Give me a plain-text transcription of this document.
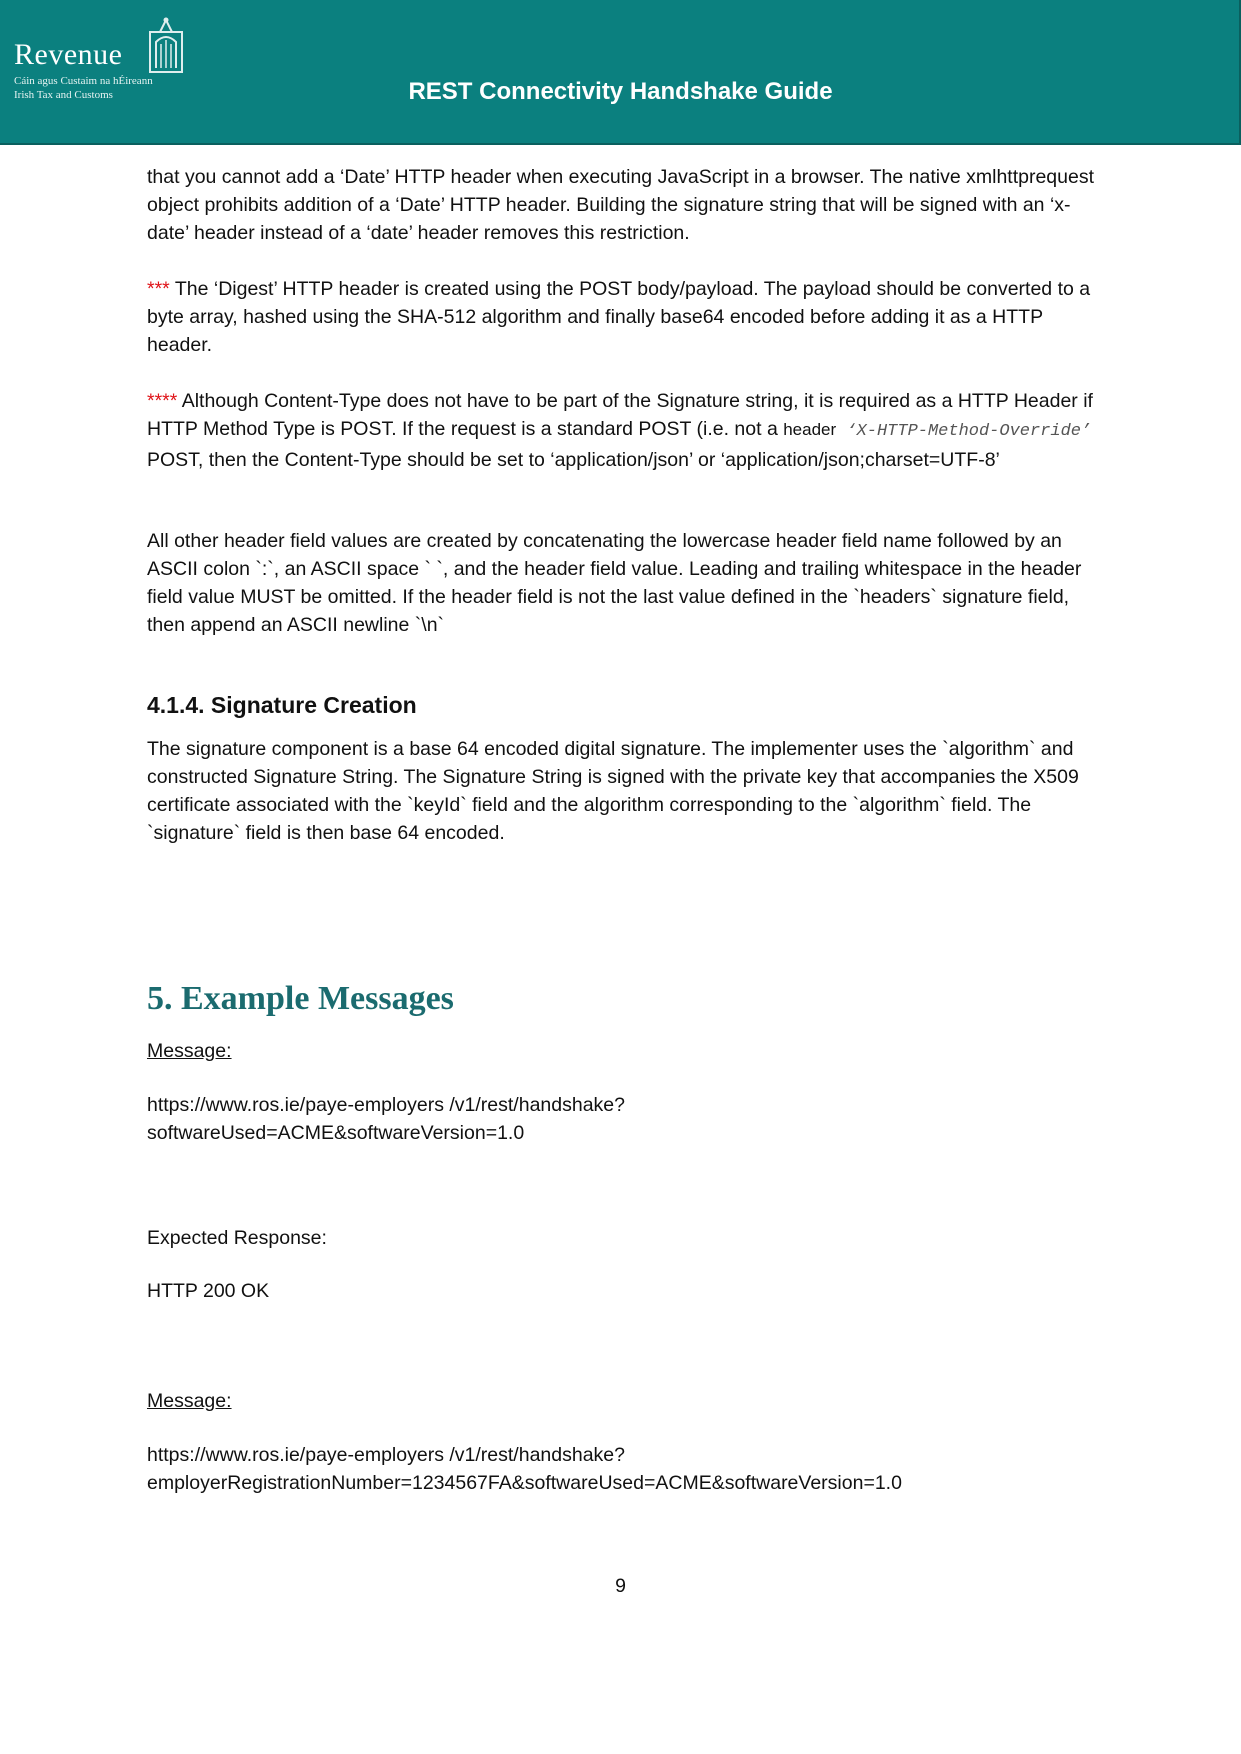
Revenue
Cáin agus Custaim na hÉireann
Irish Tax and Customs	REST Connectivity Handshake Guide

that you cannot add a ‘Date’ HTTP header when executing JavaScript in a browser. The native xmlhttprequest object prohibits addition of a ‘Date’ HTTP header. Building the signature string that will be signed with an ‘x-date’ header instead of a ‘date’ header removes this restriction.

*** The ‘Digest’ HTTP header is created using the POST body/payload. The payload should be converted to a byte array, hashed using the SHA-512 algorithm and finally base64 encoded before adding it as a HTTP header.

**** Although Content-Type does not have to be part of the Signature string, it is required as a HTTP Header if HTTP Method Type is POST. If the request is a standard POST (i.e. not a header ‘X-HTTP-Method-Override’ POST, then the Content-Type should be set to ‘application/json’ or ‘application/json;charset=UTF-8’

All other header field values are created by concatenating the lowercase header field name followed by an ASCII colon `:`, an ASCII space ` `, and the header field value. Leading and trailing whitespace in the header field value MUST be omitted. If the header field is not the last value defined in the `headers` signature field, then append an ASCII newline `\n`

4.1.4. Signature Creation

The signature component is a base 64 encoded digital signature. The implementer uses the `algorithm` and constructed Signature String. The Signature String is signed with the private key that accompanies the X509 certificate associated with the `keyId` field and the algorithm corresponding to the `algorithm` field. The `signature` field is then base 64 encoded.

5. Example Messages
Message:
https://www.ros.ie/paye-employers /v1/rest/handshake?
softwareUsed=ACME&softwareVersion=1.0
Expected Response:
HTTP 200 OK
Message:
https://www.ros.ie/paye-employers /v1/rest/handshake?
employerRegistrationNumber=1234567FA&softwareUsed=ACME&softwareVersion=1.0
9
